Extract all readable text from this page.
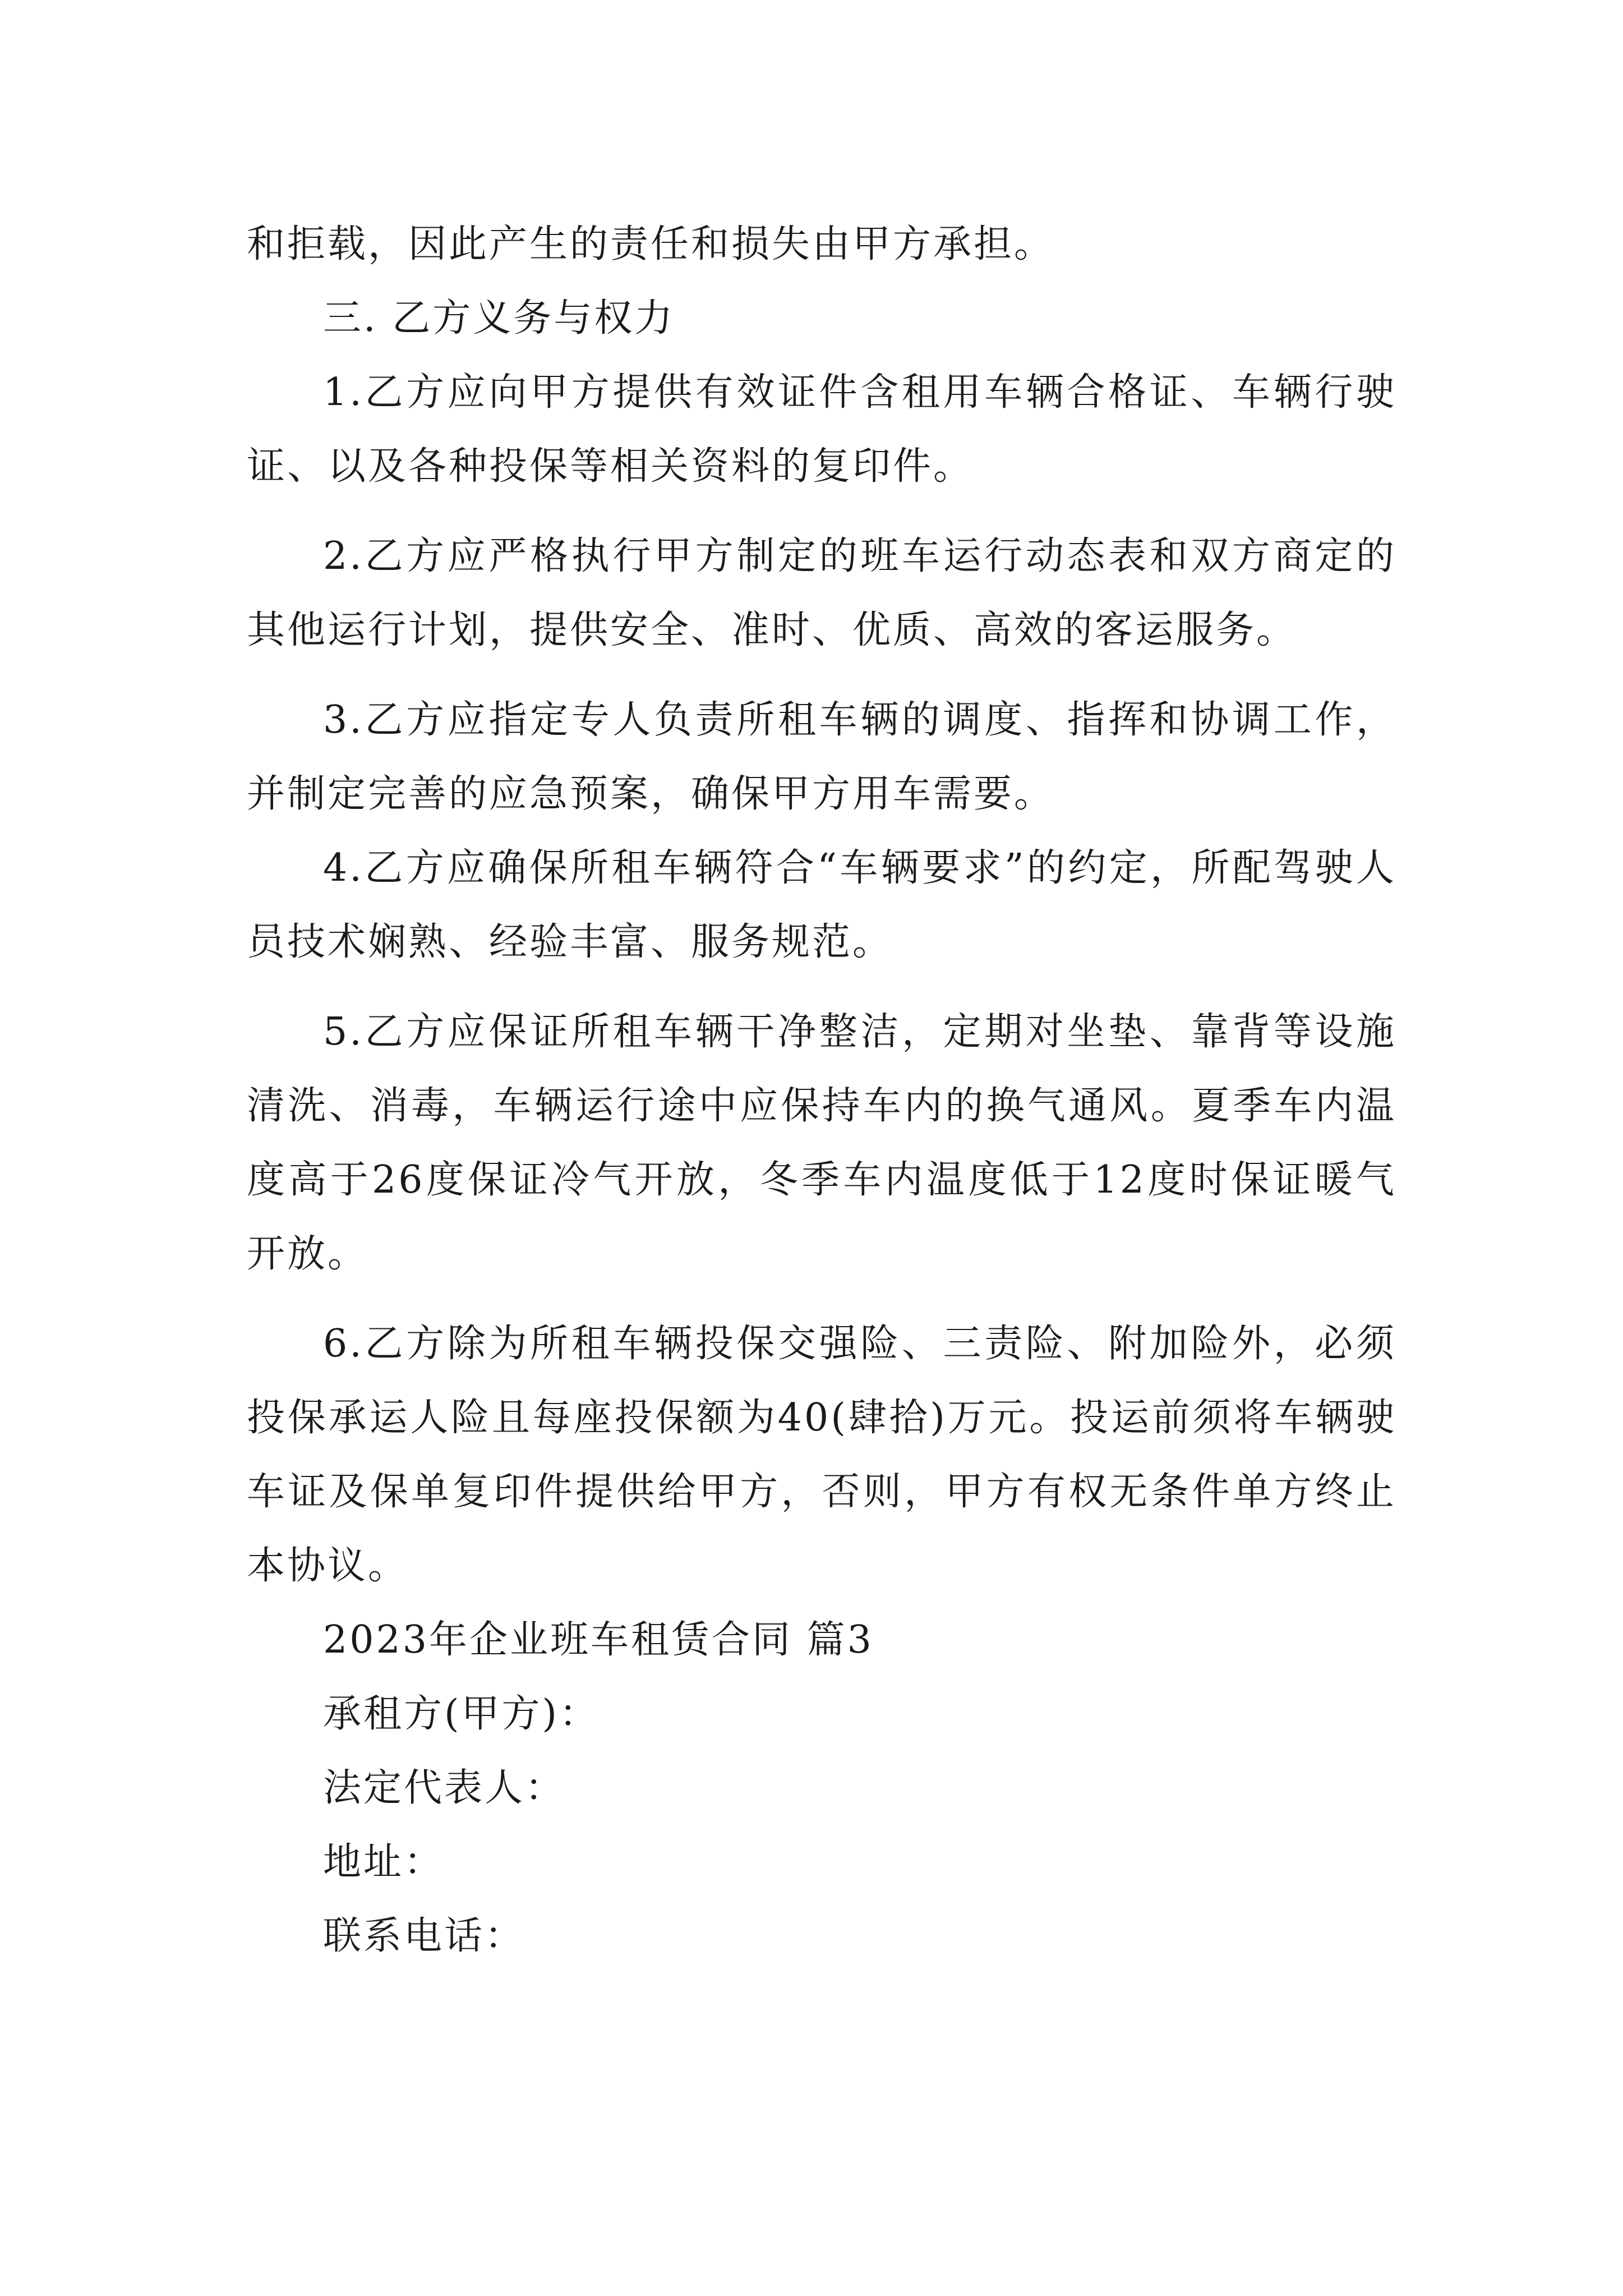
和拒载，因此产生的责任和损失由甲方承担。

三. 乙方义务与权力

1.乙方应向甲方提供有效证件含租用车辆合格证、车辆行驶证、以及各种投保等相关资料的复印件。

2.乙方应严格执行甲方制定的班车运行动态表和双方商定的其他运行计划，提供安全、准时、优质、高效的客运服务。

3.乙方应指定专人负责所租车辆的调度、指挥和协调工作，并制定完善的应急预案，确保甲方用车需要。

4.乙方应确保所租车辆符合“车辆要求”的约定，所配驾驶人员技术娴熟、经验丰富、服务规范。

5.乙方应保证所租车辆干净整洁，定期对坐垫、靠背等设施清洗、消毒，车辆运行途中应保持车内的换气通风。夏季车内温度高于26度保证冷气开放，冬季车内温度低于12度时保证暖气开放。

6.乙方除为所租车辆投保交强险、三责险、附加险外，必须投保承运人险且每座投保额为40(肆拾)万元。投运前须将车辆驶车证及保单复印件提供给甲方，否则，甲方有权无条件单方终止本协议。

2023年企业班车租赁合同 篇3

承租方(甲方)：

法定代表人：

地址：

联系电话：
